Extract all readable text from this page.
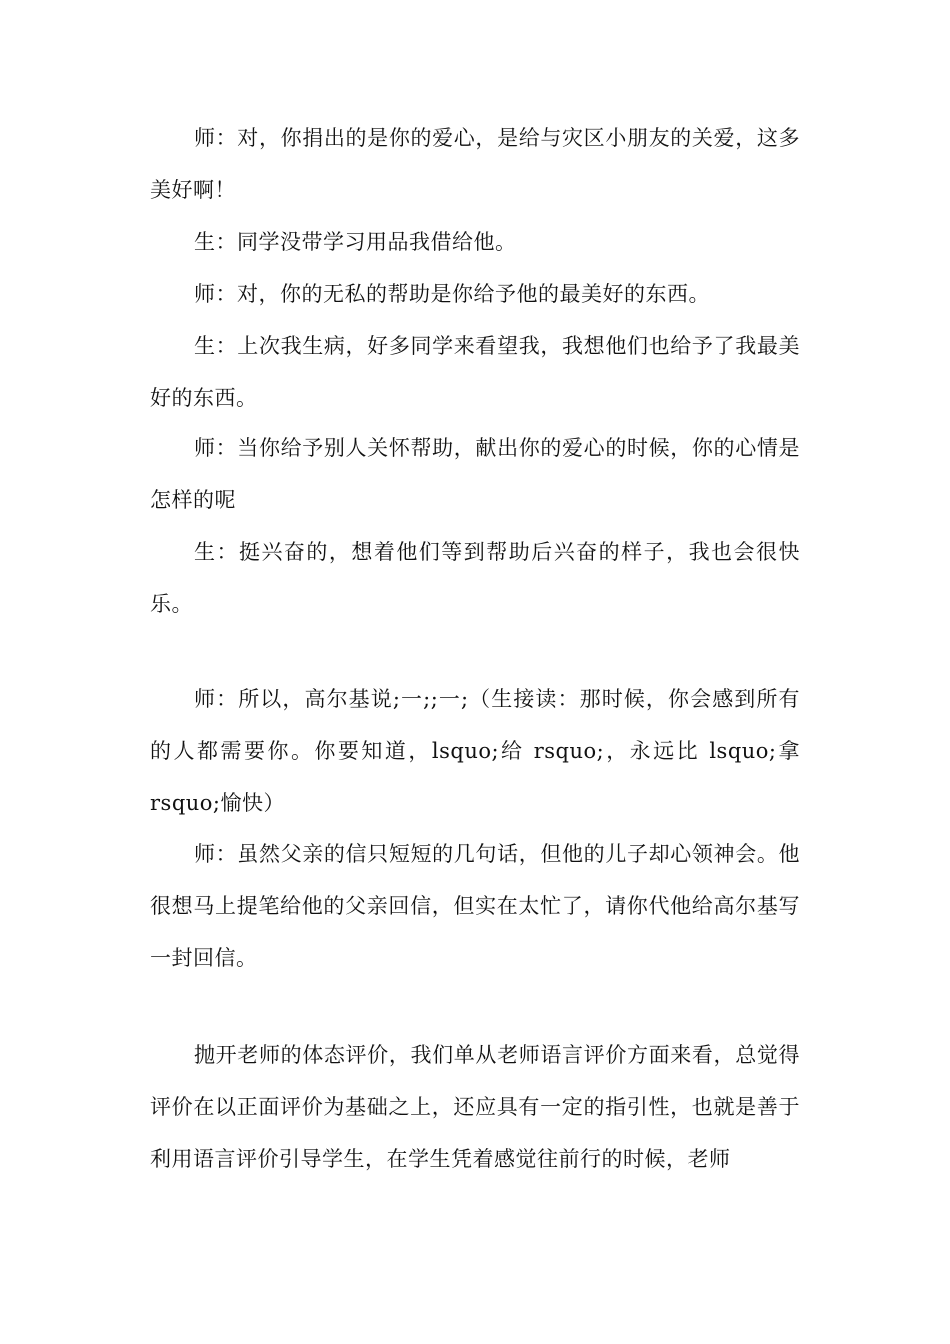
师：对，你捐出的是你的爱心，是给与灾区小朋友的关爱，这多美好啊！

生：同学没带学习用品我借给他。

师：对，你的无私的帮助是你给予他的最美好的东西。

生：上次我生病，好多同学来看望我，我想他们也给予了我最美好的东西。

师：当你给予别人关怀帮助，献出你的爱心的时候，你的心情是怎样的呢

生：挺兴奋的，想着他们等到帮助后兴奋的样子，我也会很快乐。

师：所以，高尔基说;一;;一;（生接读：那时候，你会感到所有的人都需要你。你要知道，lsquo;给 rsquo;，永远比 lsquo;拿 rsquo;愉快）

师：虽然父亲的信只短短的几句话，但他的儿子却心领神会。他很想马上提笔给他的父亲回信，但实在太忙了，请你代他给高尔基写一封回信。

抛开老师的体态评价，我们单从老师语言评价方面来看，总觉得评价在以正面评价为基础之上，还应具有一定的指引性，也就是善于利用语言评价引导学生，在学生凭着感觉往前行的时候，老师
